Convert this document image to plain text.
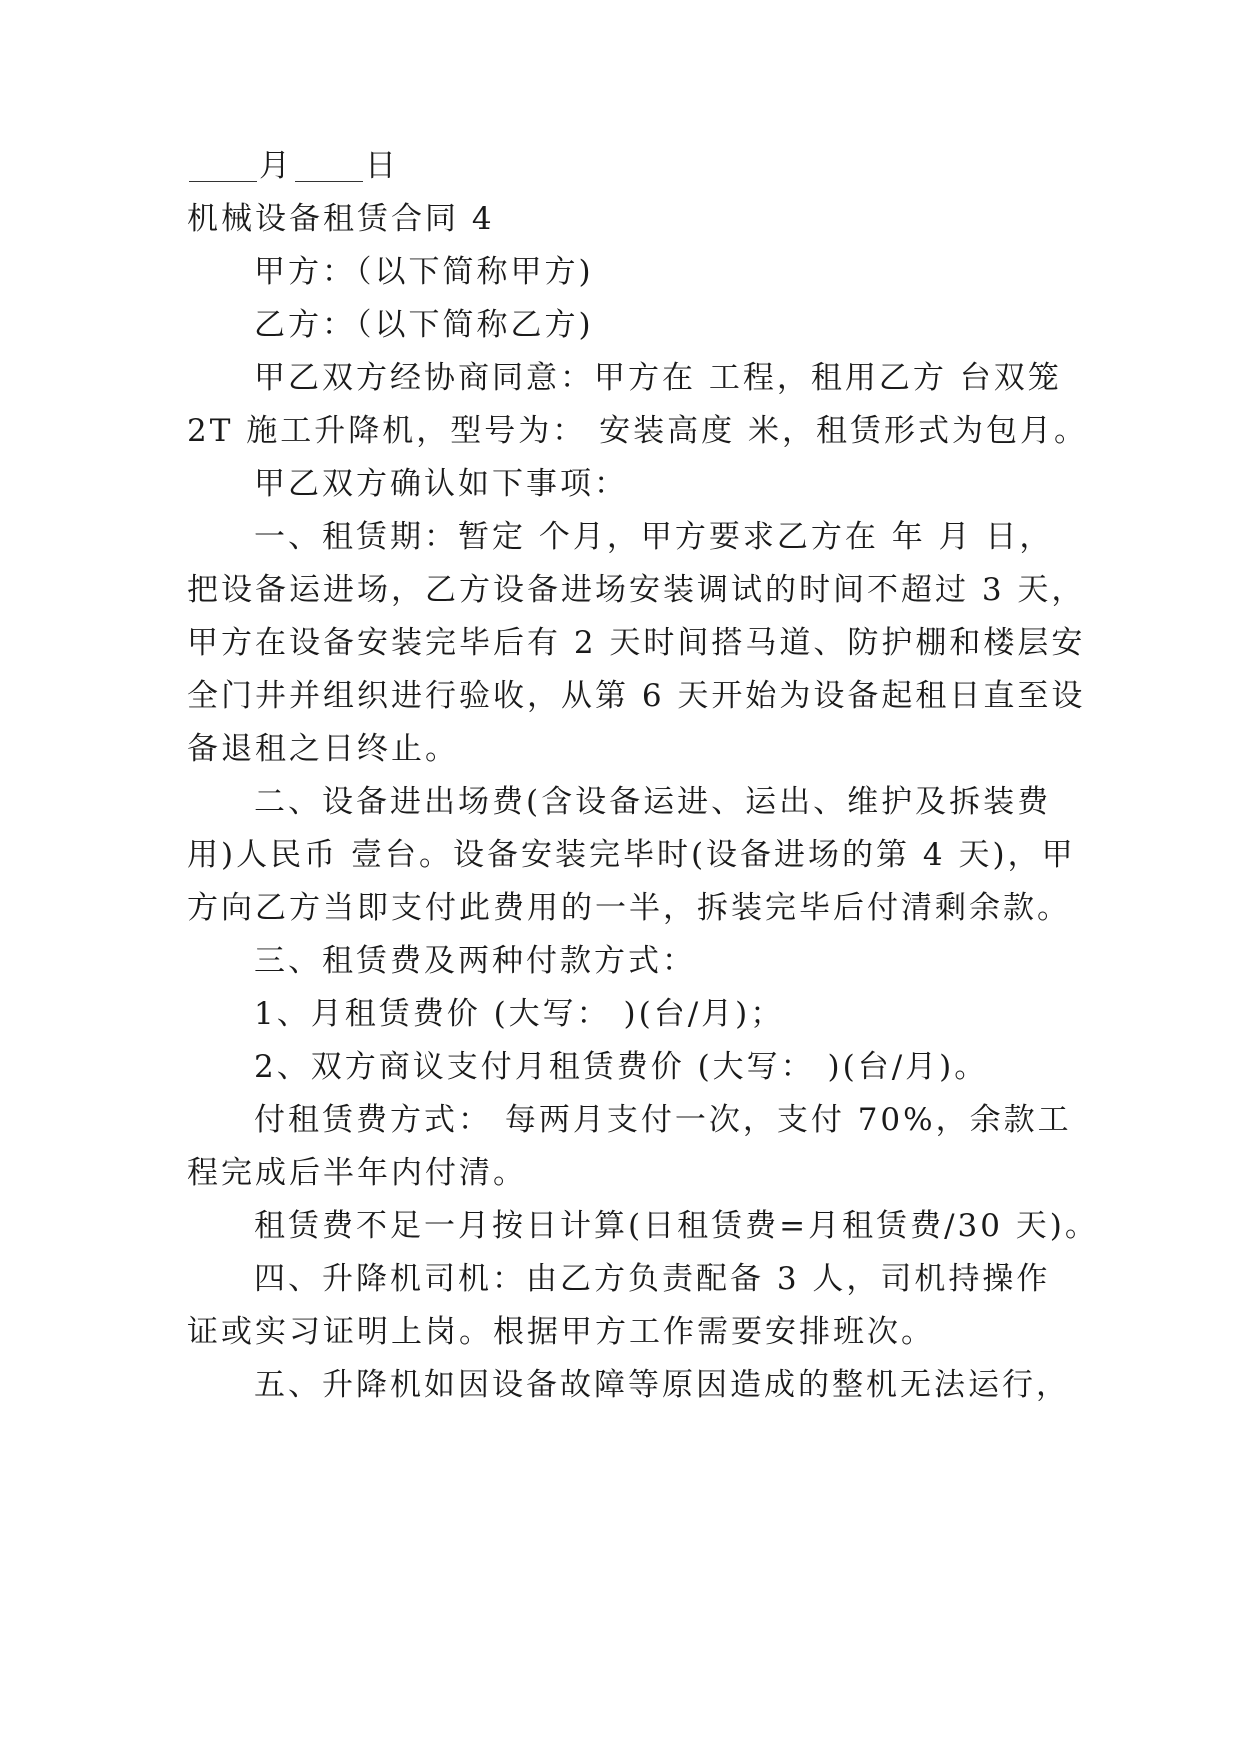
月 日
机械设备租赁合同 4
甲方：（以下简称甲方)
乙方：（以下简称乙方)
甲乙双方经协商同意：甲方在 工程，租用乙方 台双笼
2T 施工升降机，型号为： 安装高度 米，租赁形式为包月。
甲乙双方确认如下事项：
一、租赁期：暂定 个月，甲方要求乙方在 年 月 日，
把设备运进场，乙方设备进场安装调试的时间不超过 3 天，
甲方在设备安装完毕后有 2 天时间搭马道、防护棚和楼层安
全门井并组织进行验收，从第 6 天开始为设备起租日直至设
备退租之日终止。
二、设备进出场费(含设备运进、运出、维护及拆装费
用)人民币 壹台。设备安装完毕时(设备进场的第 4 天)，甲
方向乙方当即支付此费用的一半，拆装完毕后付清剩余款。
三、租赁费及两种付款方式：
1、月租赁费价 (大写： )(台/月)；
2、双方商议支付月租赁费价 (大写： )(台/月)。
付租赁费方式： 每两月支付一次，支付 70%，余款工
程完成后半年内付清。
租赁费不足一月按日计算(日租赁费=月租赁费/30 天)。
四、升降机司机：由乙方负责配备 3 人，司机持操作
证或实习证明上岗。根据甲方工作需要安排班次。
五、升降机如因设备故障等原因造成的整机无法运行，
